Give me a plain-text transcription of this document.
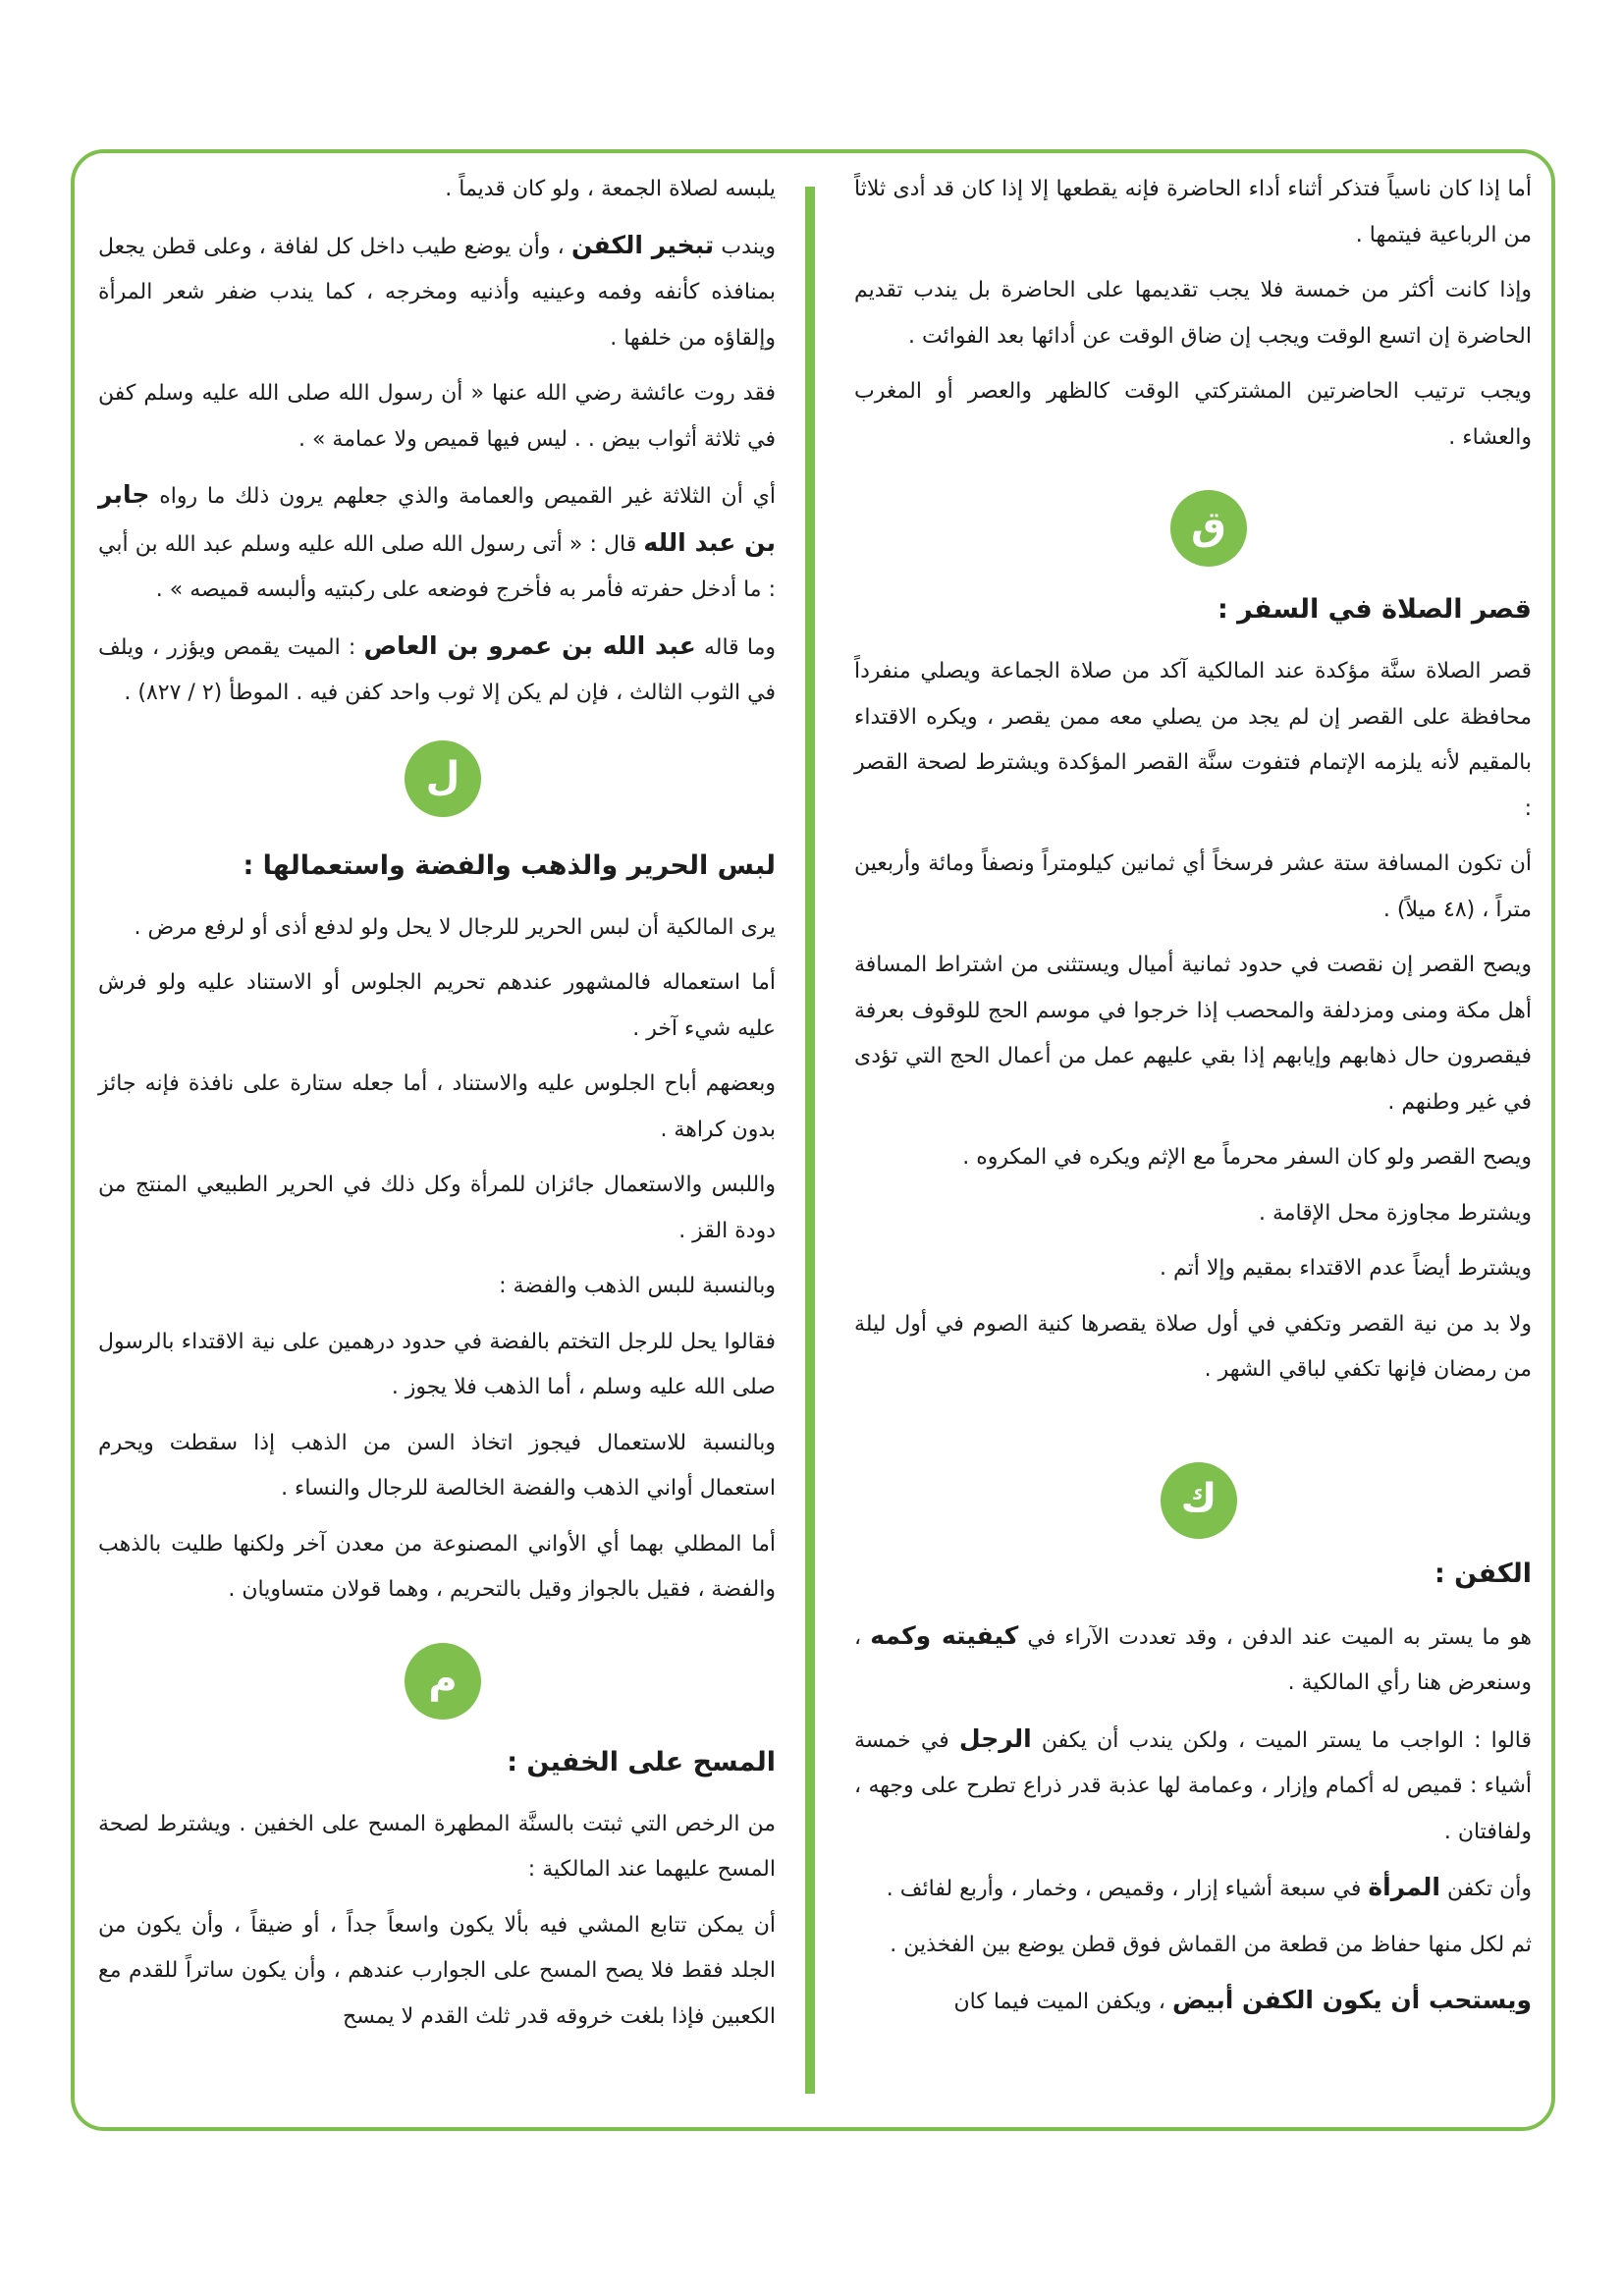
أما إذا كان ناسياً فتذكر أثناء أداء الحاضرة فإنه يقطعها إلا إذا كان قد أدى ثلاثاً من الرباعية فيتمها .

وإذا كانت أكثر من خمسة فلا يجب تقديمها على الحاضرة بل يندب تقديم الحاضرة إن اتسع الوقت ويجب إن ضاق الوقت عن أدائها بعد الفوائت .

ويجب ترتيب الحاضرتين المشتركتي الوقت كالظهر والعصر أو المغرب والعشاء .

ق
قصر الصلاة في السفر :

قصر الصلاة سنَّة مؤكدة عند المالكية آكد من صلاة الجماعة ويصلي منفرداً محافظة على القصر إن لم يجد من يصلي معه ممن يقصر ، ويكره الاقتداء بالمقيم لأنه يلزمه الإتمام فتفوت سنَّة القصر المؤكدة ويشترط لصحة القصر :

أن تكون المسافة ستة عشر فرسخاً أي ثمانين كيلومتراً ونصفاً ومائة وأربعين متراً ، (٤٨ ميلاً) .

ويصح القصر إن نقصت في حدود ثمانية أميال ويستثنى من اشتراط المسافة أهل مكة ومنى ومزدلفة والمحصب إذا خرجوا في موسم الحج للوقوف بعرفة فيقصرون حال ذهابهم وإيابهم إذا بقي عليهم عمل من أعمال الحج التي تؤدى في غير وطنهم .

ويصح القصر ولو كان السفر محرماً مع الإثم ويكره في المكروه .

ويشترط مجاوزة محل الإقامة .

ويشترط أيضاً عدم الاقتداء بمقيم وإلا أتم .

ولا بد من نية القصر وتكفي في أول صلاة يقصرها كنية الصوم في أول ليلة من رمضان فإنها تكفي لباقي الشهر .

ك
الكفن :

هو ما يستر به الميت عند الدفن ، وقد تعددت الآراء في كيفيته وكمه ، وسنعرض هنا رأي المالكية .

قالوا : الواجب ما يستر الميت ، ولكن يندب أن يكفن الرجل في خمسة أشياء : قميص له أكمام وإزار ، وعمامة لها عذبة قدر ذراع تطرح على وجهه ، ولفافتان .

وأن تكفن المرأة في سبعة أشياء إزار ، وقميص ، وخمار ، وأربع لفائف .

ثم لكل منها حفاظ من قطعة من القماش فوق قطن يوضع بين الفخذين .

ويستحب أن يكون الكفن أبيض ، ويكفن الميت فيما كان

يلبسه لصلاة الجمعة ، ولو كان قديماً .

ويندب تبخير الكفن ، وأن يوضع طيب داخل كل لفافة ، وعلى قطن يجعل بمنافذه كأنفه وفمه وعينيه وأذنيه ومخرجه ، كما يندب ضفر شعر المرأة وإلقاؤه من خلفها .

فقد روت عائشة رضي الله عنها « أن رسول الله صلى الله عليه وسلم كفن في ثلاثة أثواب بيض . . ليس فيها قميص ولا عمامة » .

أي أن الثلاثة غير القميص والعمامة والذي جعلهم يرون ذلك ما رواه جابر بن عبد الله قال : « أتى رسول الله صلى الله عليه وسلم عبد الله بن أبي : ما أدخل حفرته فأمر به فأخرج فوضعه على ركبتيه وألبسه قميصه » .

وما قاله عبد الله بن عمرو بن العاص : الميت يقمص ويؤزر ، ويلف في الثوب الثالث ، فإن لم يكن إلا ثوب واحد كفن فيه . الموطأ (٢ / ٨٢٧) .

ل
لبس الحرير والذهب والفضة واستعمالها :

يرى المالكية أن لبس الحرير للرجال لا يحل ولو لدفع أذى أو لرفع مرض .

أما استعماله فالمشهور عندهم تحريم الجلوس أو الاستناد عليه ولو فرش عليه شيء آخر .

وبعضهم أباح الجلوس عليه والاستناد ، أما جعله ستارة على نافذة فإنه جائز بدون كراهة .

واللبس والاستعمال جائزان للمرأة وكل ذلك في الحرير الطبيعي المنتج من دودة القز .

وبالنسبة للبس الذهب والفضة :

فقالوا يحل للرجل التختم بالفضة في حدود درهمين على نية الاقتداء بالرسول صلى الله عليه وسلم ، أما الذهب فلا يجوز .

وبالنسبة للاستعمال فيجوز اتخاذ السن من الذهب إذا سقطت ويحرم استعمال أواني الذهب والفضة الخالصة للرجال والنساء .

أما المطلي بهما أي الأواني المصنوعة من معدن آخر ولكنها طليت بالذهب والفضة ، فقيل بالجواز وقيل بالتحريم ، وهما قولان متساويان .

م
المسح على الخفين :

من الرخص التي ثبتت بالسنَّة المطهرة المسح على الخفين . ويشترط لصحة المسح عليهما عند المالكية :

أن يمكن تتابع المشي فيه بألا يكون واسعاً جداً ، أو ضيقاً ، وأن يكون من الجلد فقط فلا يصح المسح على الجوارب عندهم ، وأن يكون ساتراً للقدم مع الكعبين فإذا بلغت خروقه قدر ثلث القدم لا يمسح
